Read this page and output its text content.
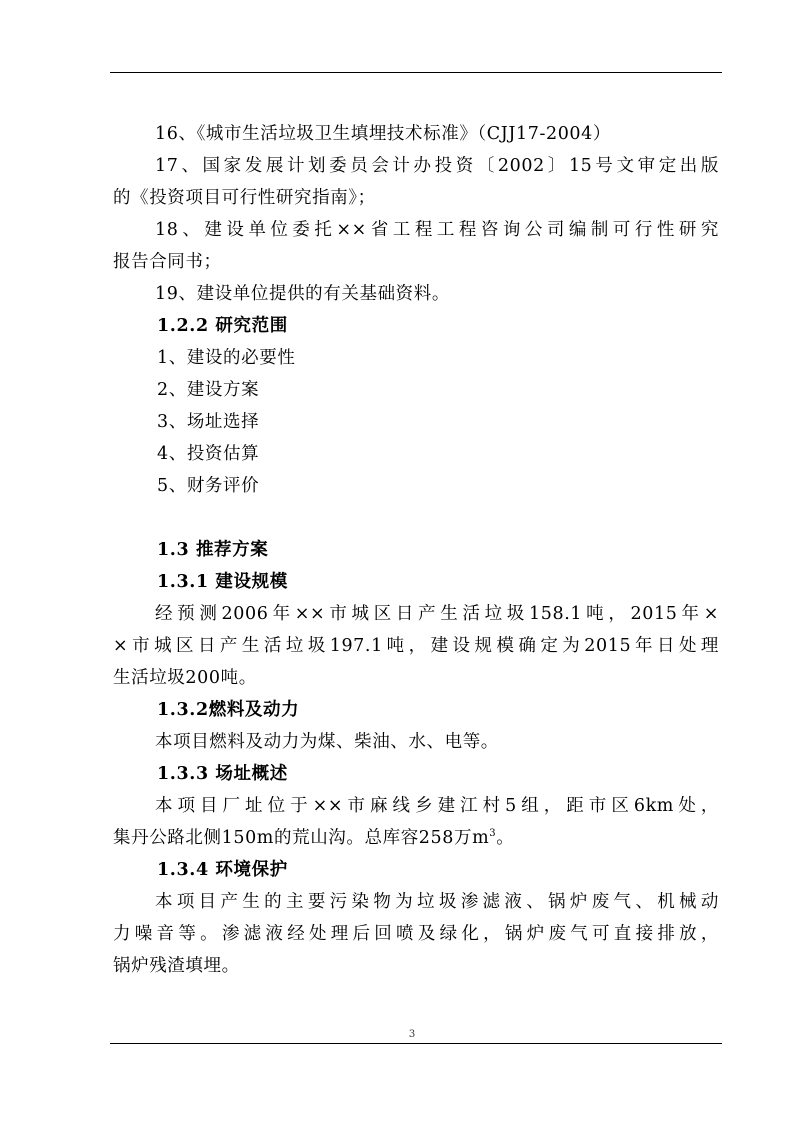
16、《城市生活垃圾卫生填埋技术标准》（CJJ17-2004）
17、国家发展计划委员会计办投资〔2002〕15号文审定出版
的《投资项目可行性研究指南》；
18、建设单位委托××省工程工程咨询公司编制可行性研究
报告合同书；
19、建设单位提供的有关基础资料。
1.2.2 研究范围
1、建设的必要性
2、建设方案
3、场址选择
4、投资估算
5、财务评价
1.3 推荐方案
1.3.1 建设规模
经预测2006年××市城区日产生活垃圾158.1吨，2015年×
×市城区日产生活垃圾197.1吨，建设规模确定为2015年日处理
生活垃圾200吨。
1.3.2燃料及动力
本项目燃料及动力为煤、柴油、水、电等。
1.3.3 场址概述
本项目厂址位于××市麻线乡建江村5组，距市区6km处，
集丹公路北侧150m的荒山沟。总库容258万$m^3$。
1.3.4 环境保护
本项目产生的主要污染物为垃圾渗滤液、锅炉废气、机械动
力噪音等。渗滤液经处理后回喷及绿化，锅炉废气可直接排放，
锅炉残渣填埋。
3
